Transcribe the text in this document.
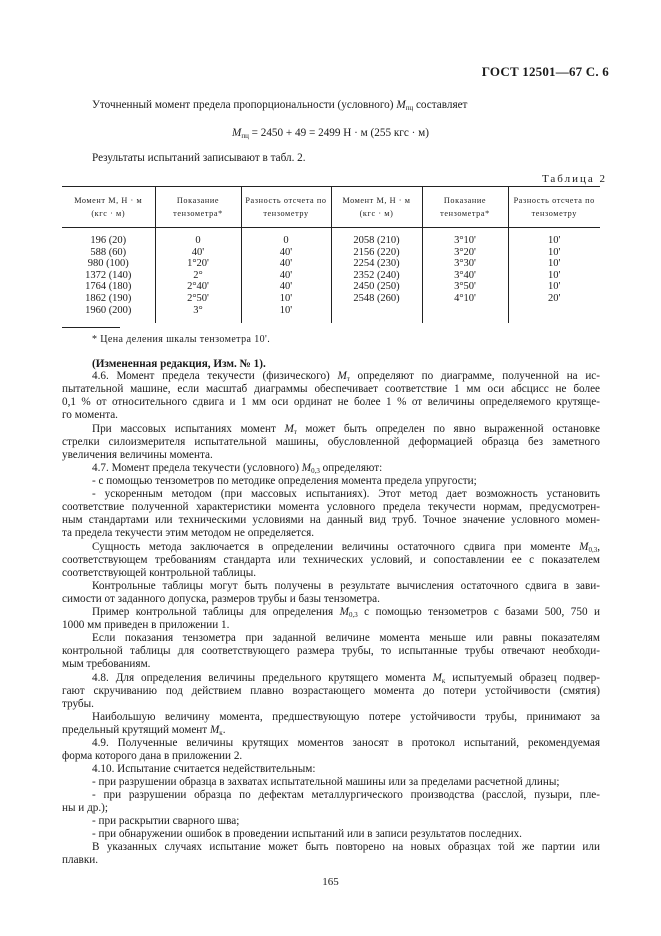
ГОСТ 12501—67 С. 6
Уточненный момент предела пропорциональности (условного) $M_{пц}$ составляет
$M_{пц} = 2450 + 49 = 2499$ Н · м (255 кгс · м)
Результаты испытаний записывают в табл. 2.
Таблица 2
Момент M, Н · м (кгс · м)	Показание тензометра*	Разность отсчета по тензометру	Момент M, Н · м (кгс · м)	Показание тензометра*	Разность отсчета по тензометру
196 (20)	0	0	2058 (210)	3°10'	10'
588 (60)	40'	40'	2156 (220)	3°20'	10'
980 (100)	1°20'	40'	2254 (230)	3°30'	10'
1372 (140)	2°	40'	2352 (240)	3°40'	10'
1764 (180)	2°40'	40'	2450 (250)	3°50'	10'
1862 (190)	2°50'	10'	2548 (260)	4°10'	20'
1960 (200)	3°	10'			
* Цена деления шкалы тензометра 10'.
(Измененная редакция, Изм. № 1).
4.6. Момент предела текучести (физического) $M_т$ определяют по диаграмме, полученной на ис-
пытательной машине, если масштаб диаграммы обеспечивает соответствие 1 мм оси абсцисс не более
0,1 % от относительного сдвига и 1 мм оси ординат не более 1 % от величины определяемого крутяще-
го момента.
При массовых испытаниях момент $M_т$ может быть определен по явно выраженной остановке
стрелки силоизмерителя испытательной машины, обусловленной деформацией образца без заметного
увеличения величины момента.
4.7. Момент предела текучести (условного) $M_{0,3}$ определяют:
- с помощью тензометров по методике определения момента предела упругости;
- ускоренным методом (при массовых испытаниях). Этот метод дает возможность установить
соответствие полученной характеристики момента условного предела текучести нормам, предусмотрен-
ным стандартами или техническими условиями на данный вид труб. Точное значение условного момен-
та предела текучести этим методом не определяется.
Сущность метода заключается в определении величины остаточного сдвига при моменте $M_{0,3}$,
соответствующем требованиям стандарта или технических условий, и сопоставлении ее с показателем
соответствующей контрольной таблицы.
Контрольные таблицы могут быть получены в результате вычисления остаточного сдвига в зави-
симости от заданного допуска, размеров трубы и базы тензометра.
Пример контрольной таблицы для определения $M_{0,3}$ с помощью тензометров с базами 500, 750 и
1000 мм приведен в приложении 1.
Если показания тензометра при заданной величине момента меньше или равны показателям
контрольной таблицы для соответствующего размера трубы, то испытанные трубы отвечают необходи-
мым требованиям.
4.8. Для определения величины предельного крутящего момента $M_к$ испытуемый образец подвер-
гают скручиванию под действием плавно возрастающего момента до потери устойчивости (смятия)
трубы.
Наибольшую величину момента, предшествующую потере устойчивости трубы, принимают за
предельный крутящий момент $M_к$.
4.9. Полученные величины крутящих моментов заносят в протокол испытаний, рекомендуемая
форма которого дана в приложении 2.
4.10. Испытание считается недействительным:
- при разрушении образца в захватах испытательной машины или за пределами расчетной длины;
- при разрушении образца по дефектам металлургического производства (расслой, пузыри, пле-
ны и др.);
- при раскрытии сварного шва;
- при обнаружении ошибок в проведении испытаний или в записи результатов последних.
В указанных случаях испытание может быть повторено на новых образцах той же партии или
плавки.
165
